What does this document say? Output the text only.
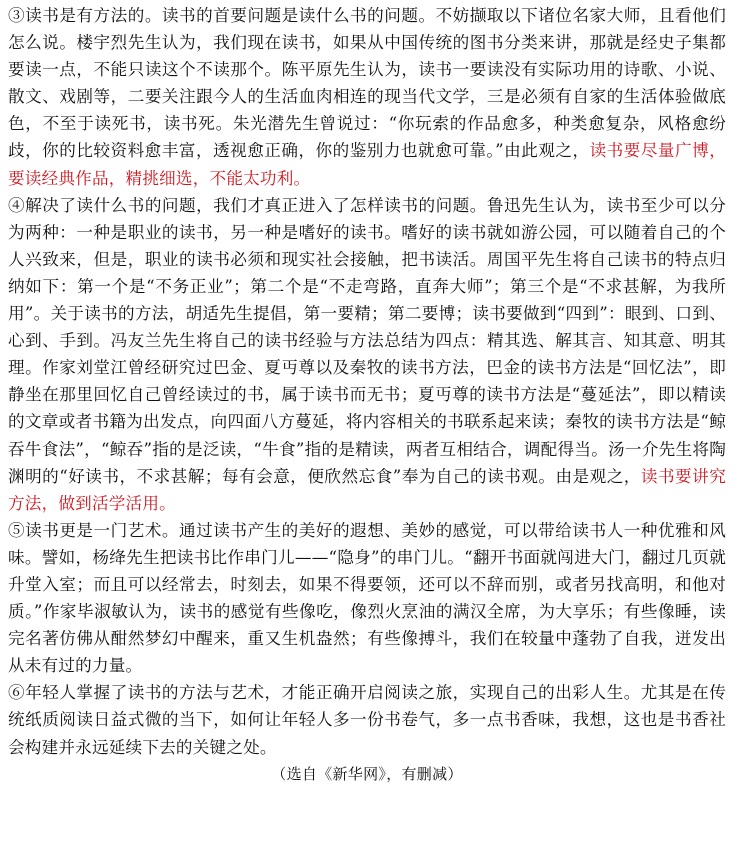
③读书是有方法的。读书的首要问题是读什么书的问题。不妨撷取以下诸位名家大师，且看他们怎么说。楼宇烈先生认为，我们现在读书，如果从中国传统的图书分类来讲，那就是经史子集都要读一点，不能只读这个不读那个。陈平原先生认为，读书一要读没有实际功用的诗歌、小说、散文、戏剧等，二要关注跟今人的生活血肉相连的现当代文学，三是必须有自家的生活体验做底色，不至于读死书，读书死。朱光潜先生曾说过：“你玩索的作品愈多，种类愈复杂，风格愈纷歧，你的比较资料愈丰富，透视愈正确，你的鉴别力也就愈可靠。”由此观之，读书要尽量广博，要读经典作品，精挑细选，不能太功利。

④解决了读什么书的问题，我们才真正进入了怎样读书的问题。鲁迅先生认为，读书至少可以分为两种：一种是职业的读书，另一种是嗜好的读书。嗜好的读书就如游公园，可以随着自己的个人兴致来，但是，职业的读书必须和现实社会接触，把书读活。周国平先生将自己读书的特点归纳如下：第一个是“不务正业”；第二个是“不走弯路，直奔大师”；第三个是“不求甚解，为我所用”。关于读书的方法，胡适先生提倡，第一要精；第二要博；读书要做到“四到”：眼到、口到、心到、手到。冯友兰先生将自己的读书经验与方法总结为四点：精其选、解其言、知其意、明其理。作家刘堂江曾经研究过巴金、夏丏尊以及秦牧的读书方法，巴金的读书方法是“回忆法”，即静坐在那里回忆自己曾经读过的书，属于读书而无书；夏丏尊的读书方法是“蔓延法”，即以精读的文章或者书籍为出发点，向四面八方蔓延，将内容相关的书联系起来读；秦牧的读书方法是“鲸吞牛食法”，“鲸吞”指的是泛读，“牛食”指的是精读，两者互相结合，调配得当。汤一介先生将陶渊明的“好读书，不求甚解；每有会意，便欣然忘食”奉为自己的读书观。由是观之，读书要讲究方法，做到活学活用。

⑤读书更是一门艺术。通过读书产生的美好的遐想、美妙的感觉，可以带给读书人一种优雅和风味。譬如，杨绛先生把读书比作串门儿——“隐身”的串门儿。“翻开书面就闯进大门，翻过几页就升堂入室；而且可以经常去，时刻去，如果不得要领，还可以不辞而别，或者另找高明，和他对质。”作家毕淑敏认为，读书的感觉有些像吃，像烈火烹油的满汉全席，为大享乐；有些像睡，读完名著仿佛从酣然梦幻中醒来，重又生机盎然；有些像搏斗，我们在较量中蓬勃了自我，迸发出从未有过的力量。

⑥年轻人掌握了读书的方法与艺术，才能正确开启阅读之旅，实现自己的出彩人生。尤其是在传统纸质阅读日益式微的当下，如何让年轻人多一份书卷气，多一点书香味，我想，这也是书香社会构建并永远延续下去的关键之处。

（选自《新华网》，有删减）
